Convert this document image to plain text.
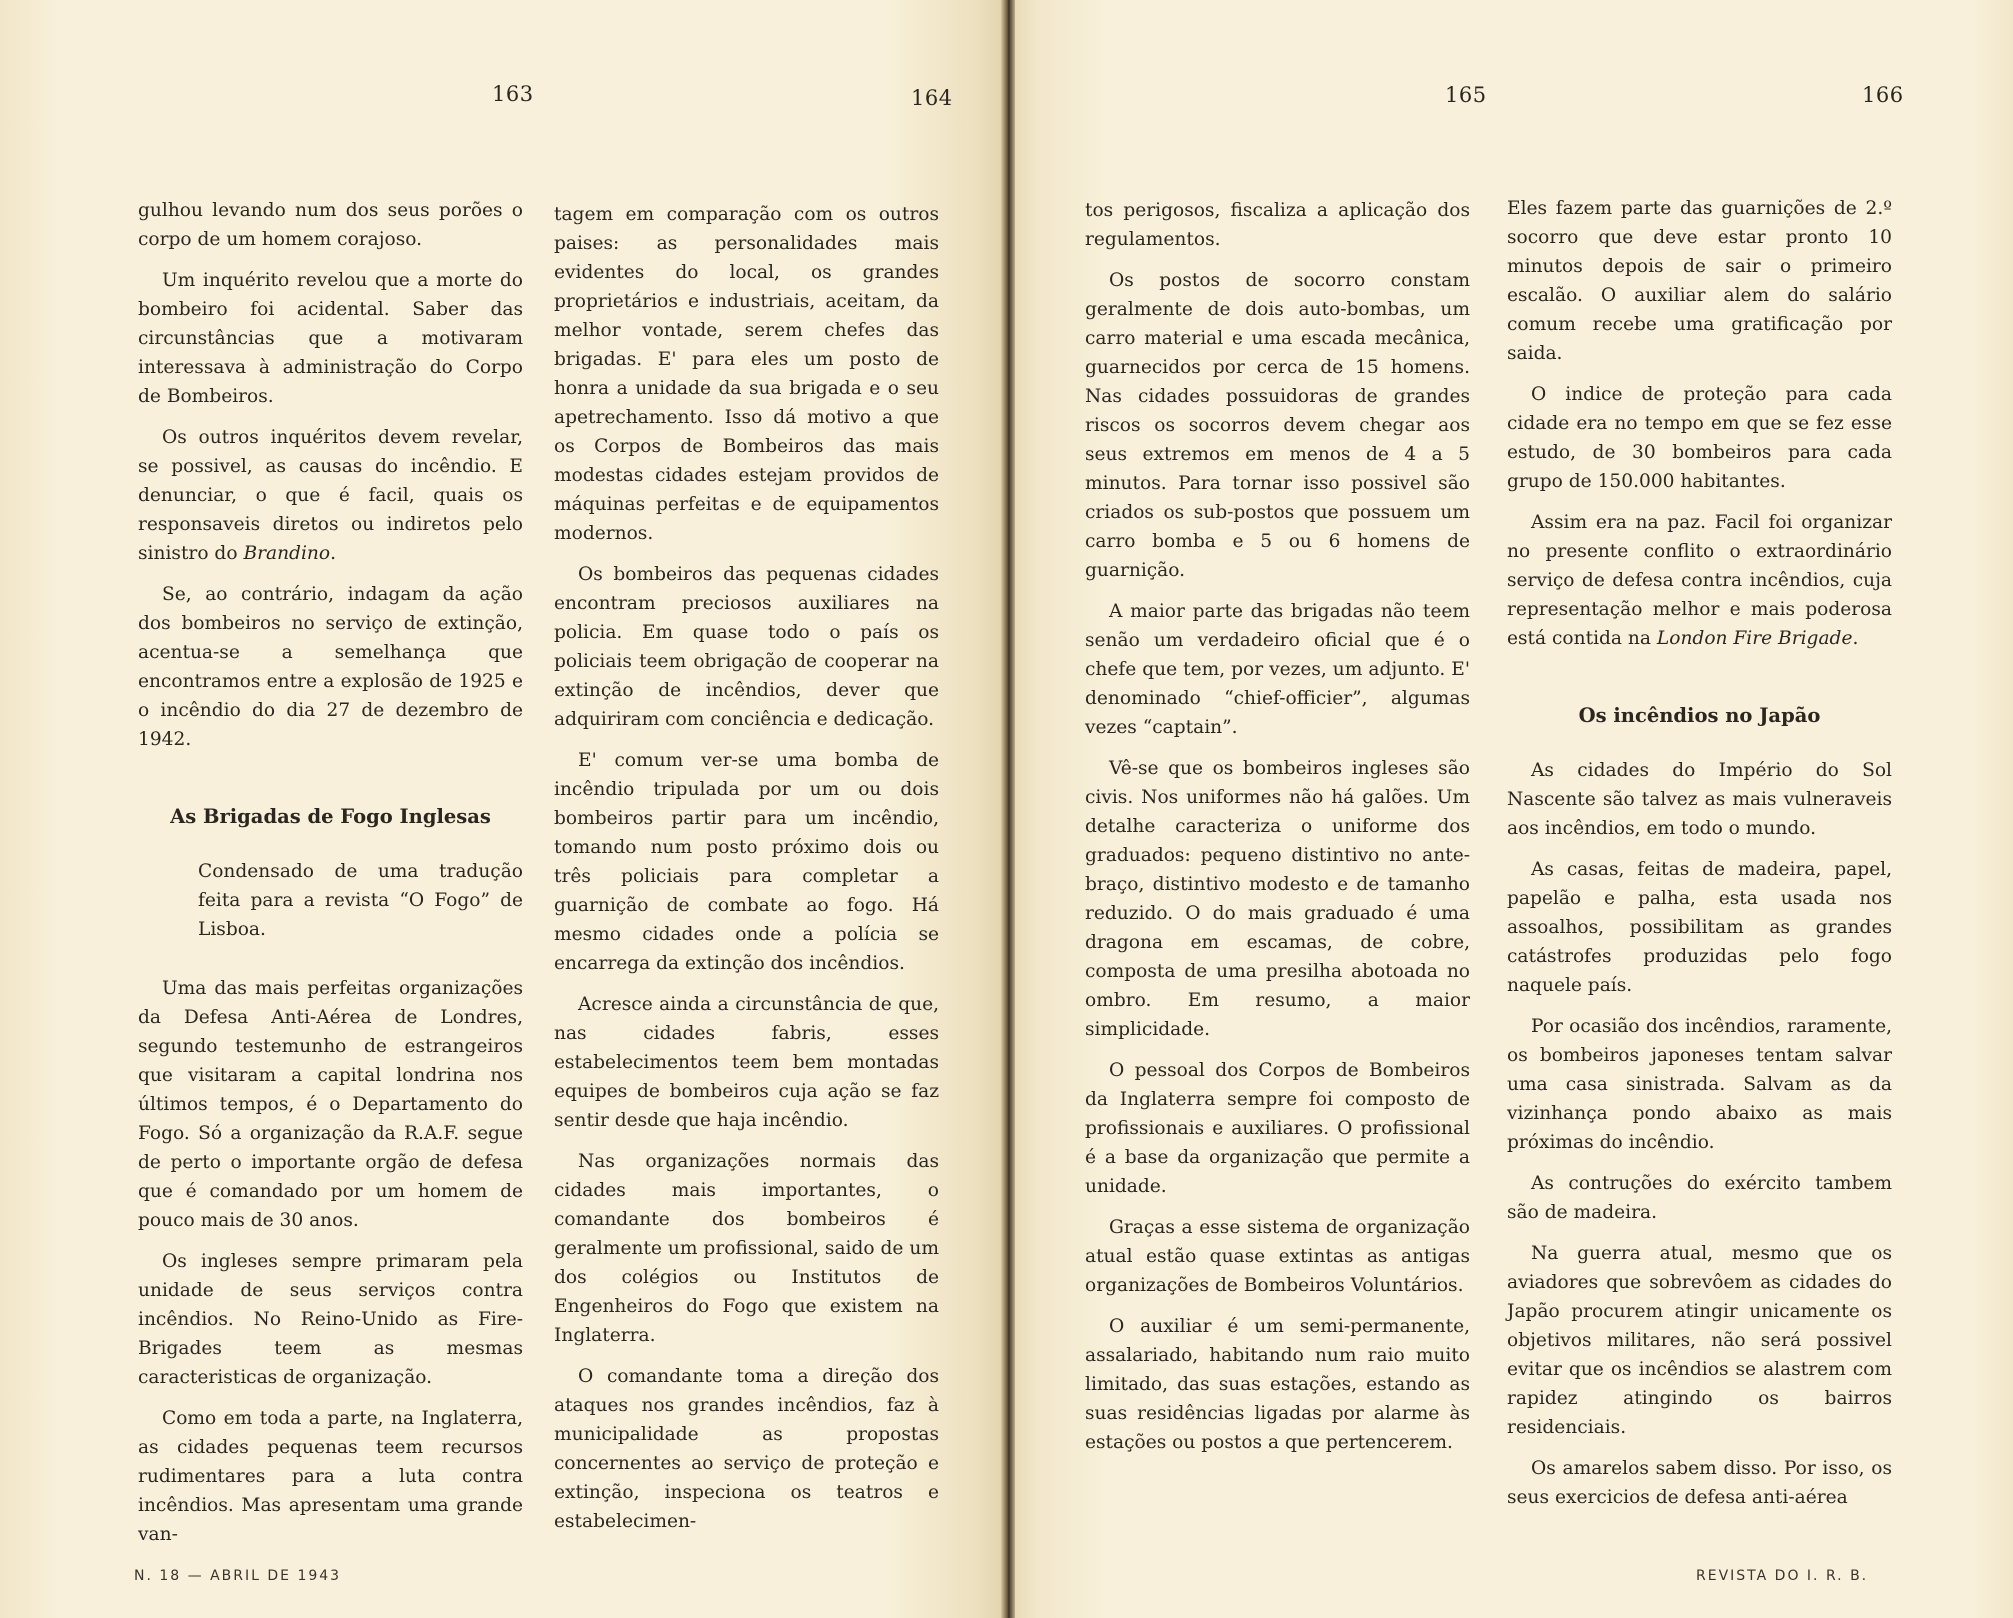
163	164	165	166

gulhou levando num dos seus porões o corpo de um homem corajoso.

Um inquérito revelou que a morte do bombeiro foi acidental. Saber das circunstâncias que a motivaram interessava à administração do Corpo de Bombeiros.

Os outros inquéritos devem revelar, se possivel, as causas do incêndio. E denunciar, o que é facil, quais os responsaveis diretos ou indiretos pelo sinistro do Brandino.

Se, ao contrário, indagam da ação dos bombeiros no serviço de extinção, acentua-se a semelhança que encontramos entre a explosão de 1925 e o incêndio do dia 27 de dezembro de 1942.

As Brigadas de Fogo Inglesas

Condensado de uma tradução feita para a revista “O Fogo” de Lisboa.

Uma das mais perfeitas organizações da Defesa Anti-Aérea de Londres, segundo testemunho de estrangeiros que visitaram a capital londrina nos últimos tempos, é o Departamento do Fogo. Só a organização da R.A.F. segue de perto o importante orgão de defesa que é comandado por um homem de pouco mais de 30 anos.

Os ingleses sempre primaram pela unidade de seus serviços contra incêndios. No Reino-Unido as Fire-Brigades teem as mesmas caracteristicas de organização.

Como em toda a parte, na Inglaterra, as cidades pequenas teem recursos rudimentares para a luta contra incêndios. Mas apresentam uma grande van-

tagem em comparação com os outros paises: as personalidades mais evidentes do local, os grandes proprietários e industriais, aceitam, da melhor vontade, serem chefes das brigadas. E' para eles um posto de honra a unidade da sua brigada e o seu apetrechamento. Isso dá motivo a que os Corpos de Bombeiros das mais modestas cidades estejam providos de máquinas perfeitas e de equipamentos modernos.

Os bombeiros das pequenas cidades encontram preciosos auxiliares na policia. Em quase todo o país os policiais teem obrigação de cooperar na extinção de incêndios, dever que adquiriram com conciência e dedicação.

E' comum ver-se uma bomba de incêndio tripulada por um ou dois bombeiros partir para um incêndio, tomando num posto próximo dois ou três policiais para completar a guarnição de combate ao fogo. Há mesmo cidades onde a polícia se encarrega da extinção dos incêndios.

Acresce ainda a circunstância de que, nas cidades fabris, esses estabelecimentos teem bem montadas equipes de bombeiros cuja ação se faz sentir desde que haja incêndio.

Nas organizações normais das cidades mais importantes, o comandante dos bombeiros é geralmente um profissional, saido de um dos colégios ou Institutos de Engenheiros do Fogo que existem na Inglaterra.

O comandante toma a direção dos ataques nos grandes incêndios, faz à municipalidade as propostas concernentes ao serviço de proteção e extinção, inspeciona os teatros e estabelecimen-

tos perigosos, fiscaliza a aplicação dos regulamentos.

Os postos de socorro constam geralmente de dois auto-bombas, um carro material e uma escada mecânica, guarnecidos por cerca de 15 homens. Nas cidades possuidoras de grandes riscos os socorros devem chegar aos seus extremos em menos de 4 a 5 minutos. Para tornar isso possivel são criados os sub-postos que possuem um carro bomba e 5 ou 6 homens de guarnição.

A maior parte das brigadas não teem senão um verdadeiro oficial que é o chefe que tem, por vezes, um adjunto. E' denominado “chief-officier”, algumas vezes “captain”.

Vê-se que os bombeiros ingleses são civis. Nos uniformes não há galões. Um detalhe caracteriza o uniforme dos graduados: pequeno distintivo no ante-braço, distintivo modesto e de tamanho reduzido. O do mais graduado é uma dragona em escamas, de cobre, composta de uma presilha abotoada no ombro. Em resumo, a maior simplicidade.

O pessoal dos Corpos de Bombeiros da Inglaterra sempre foi composto de profissionais e auxiliares. O profissional é a base da organização que permite a unidade.

Graças a esse sistema de organização atual estão quase extintas as antigas organizações de Bombeiros Voluntários.

O auxiliar é um semi-permanente, assalariado, habitando num raio muito limitado, das suas estações, estando as suas residências ligadas por alarme às estações ou postos a que pertencerem.

Eles fazem parte das guarnições de 2.º socorro que deve estar pronto 10 minutos depois de sair o primeiro escalão. O auxiliar alem do salário comum recebe uma gratificação por saida.

O indice de proteção para cada cidade era no tempo em que se fez esse estudo, de 30 bombeiros para cada grupo de 150.000 habitantes.

Assim era na paz. Facil foi organizar no presente conflito o extraordinário serviço de defesa contra incêndios, cuja representação melhor e mais poderosa está contida na London Fire Brigade.

Os incêndios no Japão

As cidades do Império do Sol Nascente são talvez as mais vulneraveis aos incêndios, em todo o mundo.

As casas, feitas de madeira, papel, papelão e palha, esta usada nos assoalhos, possibilitam as grandes catástrofes produzidas pelo fogo naquele país.

Por ocasião dos incêndios, raramente, os bombeiros japoneses tentam salvar uma casa sinistrada. Salvam as da vizinhança pondo abaixo as mais próximas do incêndio.

As contruções do exército tambem são de madeira.

Na guerra atual, mesmo que os aviadores que sobrevôem as cidades do Japão procurem atingir unicamente os objetivos militares, não será possivel evitar que os incêndios se alastrem com rapidez atingindo os bairros residenciais.

Os amarelos sabem disso. Por isso, os seus exercicios de defesa anti-aérea

N. 18 — ABRIL DE 1943	REVISTA DO I. R. B.
